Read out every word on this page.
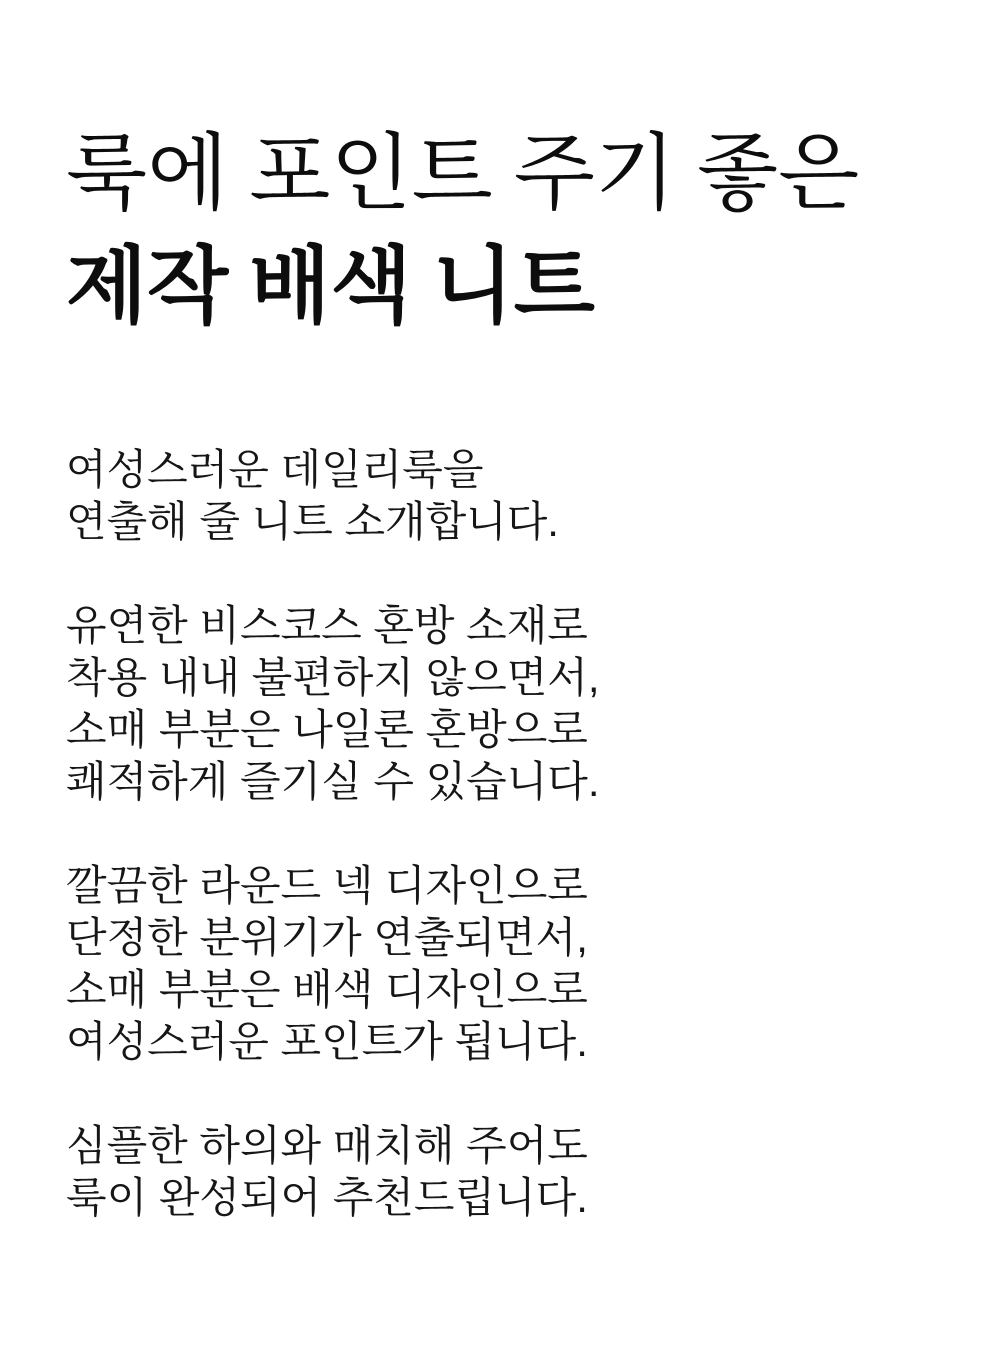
룩에 포인트 주기 좋은
제작 배색 니트

여성스러운 데일리룩을
연출해 줄 니트 소개합니다.

유연한 비스코스 혼방 소재로
착용 내내 불편하지 않으면서,
소매 부분은 나일론 혼방으로
쾌적하게 즐기실 수 있습니다.

깔끔한 라운드 넥 디자인으로
단정한 분위기가 연출되면서,
소매 부분은 배색 디자인으로
여성스러운 포인트가 됩니다.

심플한 하의와 매치해 주어도
룩이 완성되어 추천드립니다.
